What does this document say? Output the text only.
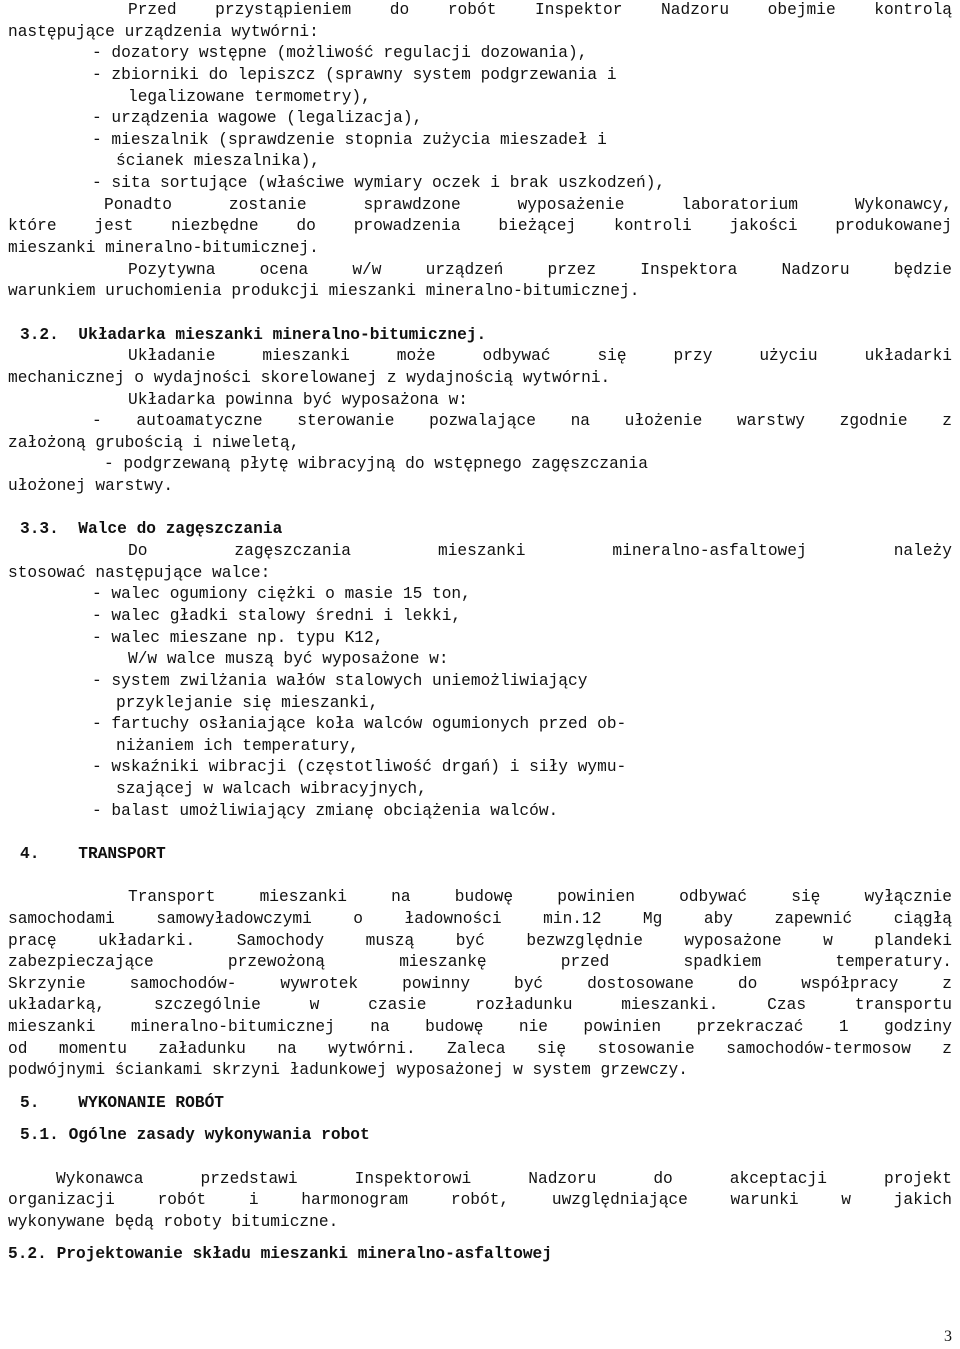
Przed przystąpieniem do robót Inspektor Nadzoru obejmie kontrolą
następujące urządzenia wytwórni:
- dozatory wstępne (możliwość regulacji dozowania),
- zbiorniki do lepiszcz (sprawny system podgrzewania i
legalizowane termometry),
- urządzenia wagowe (legalizacja),
- mieszalnik (sprawdzenie stopnia zużycia mieszadeł i
ścianek mieszalnika),
- sita sortujące (właściwe wymiary oczek i brak uszkodzeń),
Ponadto zostanie sprawdzone wyposażenie laboratorium Wykonawcy,
które jest niezbędne do prowadzenia bieżącej kontroli jakości produkowanej
mieszanki mineralno-bitumicznej.
Pozytywna ocena w/w urządzeń przez Inspektora Nadzoru będzie
warunkiem uruchomienia produkcji mieszanki mineralno-bitumicznej.
3.2.  Układarka mieszanki mineralno-bitumicznej.
Układanie mieszanki może odbywać się przy użyciu układarki
mechanicznej o wydajności skorelowanej z wydajnością wytwórni.
Układarka powinna być wyposażona w:
- autoamatyczne sterowanie pozwalające na ułożenie warstwy zgodnie z
założoną grubością i niweletą,
- podgrzewaną płytę wibracyjną do wstępnego zagęszczania
ułożonej warstwy.
3.3.  Walce do zagęszczania
Do zagęszczania mieszanki mineralno-asfaltowej należy
stosować następujące walce:
- walec ogumiony ciężki o masie 15 ton,
- walec gładki stalowy średni i lekki,
- walec mieszane np. typu K12,
W/w walce muszą być wyposażone w:
- system zwilżania wałów stalowych uniemożliwiający
przyklejanie się mieszanki,
- fartuchy osłaniające koła walców ogumionych przed ob-
niżaniem ich temperatury,
- wskaźniki wibracji (częstotliwość drgań) i siły wymu-
szającej w walcach wibracyjnych,
- balast umożliwiający zmianę obciążenia walców.
4.    TRANSPORT
Transport mieszanki na budowę powinien odbywać się wyłącznie
samochodami samowyładowczymi o ładowności min.12 Mg aby zapewnić ciągłą
pracę układarki. Samochody muszą być bezwzględnie wyposażone w plandeki
zabezpieczające przewożoną mieszankę przed spadkiem temperatury.
Skrzynie samochodów- wywrotek powinny być dostosowane do współpracy z
układarką, szczególnie w czasie rozładunku mieszanki. Czas transportu
mieszanki mineralno-bitumicznej na budowę nie powinien przekraczać 1 godziny
od momentu załadunku na wytwórni. Zaleca się stosowanie samochodów-termosow z
podwójnymi ściankami skrzyni ładunkowej wyposażonej w system grzewczy.
5.    WYKONANIE ROBÓT
5.1. Ogólne zasady wykonywania robot
Wykonawca przedstawi Inspektorowi Nadzoru do akceptacji projekt
organizacji robót i harmonogram robót, uwzględniające warunki w jakich
wykonywane będą roboty bitumiczne.
5.2. Projektowanie składu mieszanki mineralno-asfaltowej
3
